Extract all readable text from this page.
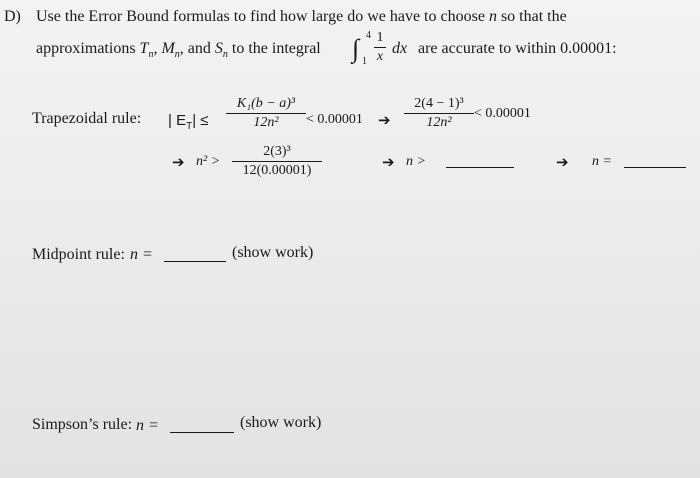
D) Use the Error Bound formulas to find how large do we have to choose n so that the
approximations $T_n$, $M_n$, and $S_n$ to the integral ∫ 4
1
1
x dx are accurate to within 0.00001:
Trapezoidal rule: | $E_T|$ ≤
K₁(b − a)³
12n²	< 0.00001 ➔
2(4 − 1)³
12n²
< 0.00001
➔ n² >
2(3)³
12(0.00001)	➔ n >	➔ n =
Midpoint rule: n =	(show work)
Simpson’s rule: n =	(show work)
